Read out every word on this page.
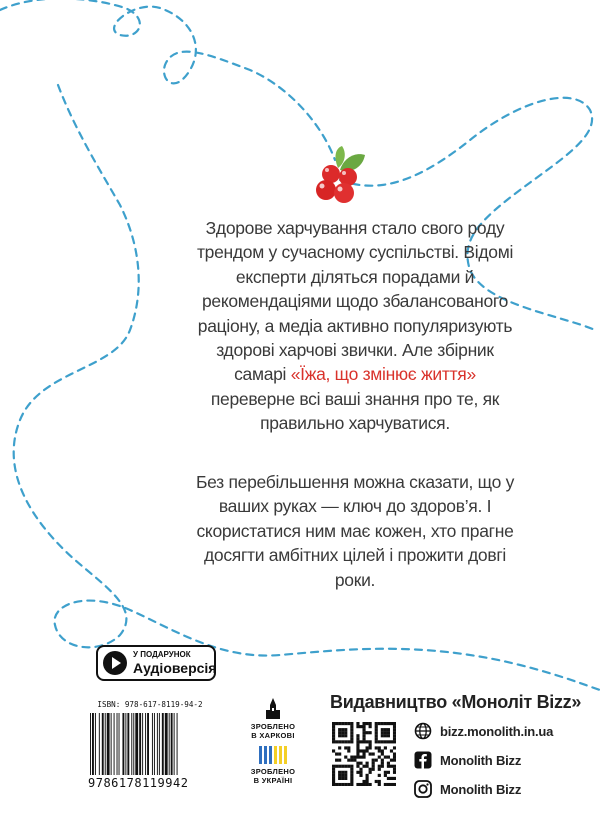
Здорове харчування стало свого роду трендом у сучасному суспільстві. Відомі експерти діляться порадами й рекомендаціями щодо збалансованого раціону, а медіа активно популяризують здорові харчові звички. Але збірник самарі «Їжа, що змінює життя» переверне всі ваші знання про те, як правильно харчуватися.
Без перебільшення можна сказати, що у ваших руках — ключ до здоров’я. І скористатися ним має кожен, хто прагне досягти амбітних цілей і прожити довгі роки.
У ПОДАРУНОК
Аудіоверсія
ISBN: 978-617-8119-94-2
9786178119942
ЗРОБЛЕНО
В ХАРКОВІ
ЗРОБЛЕНО
В УКРАЇНІ
Видавництво «Моноліт Bizz»
bizz.monolith.in.ua
Monolith Bizz
Monolith Bizz
